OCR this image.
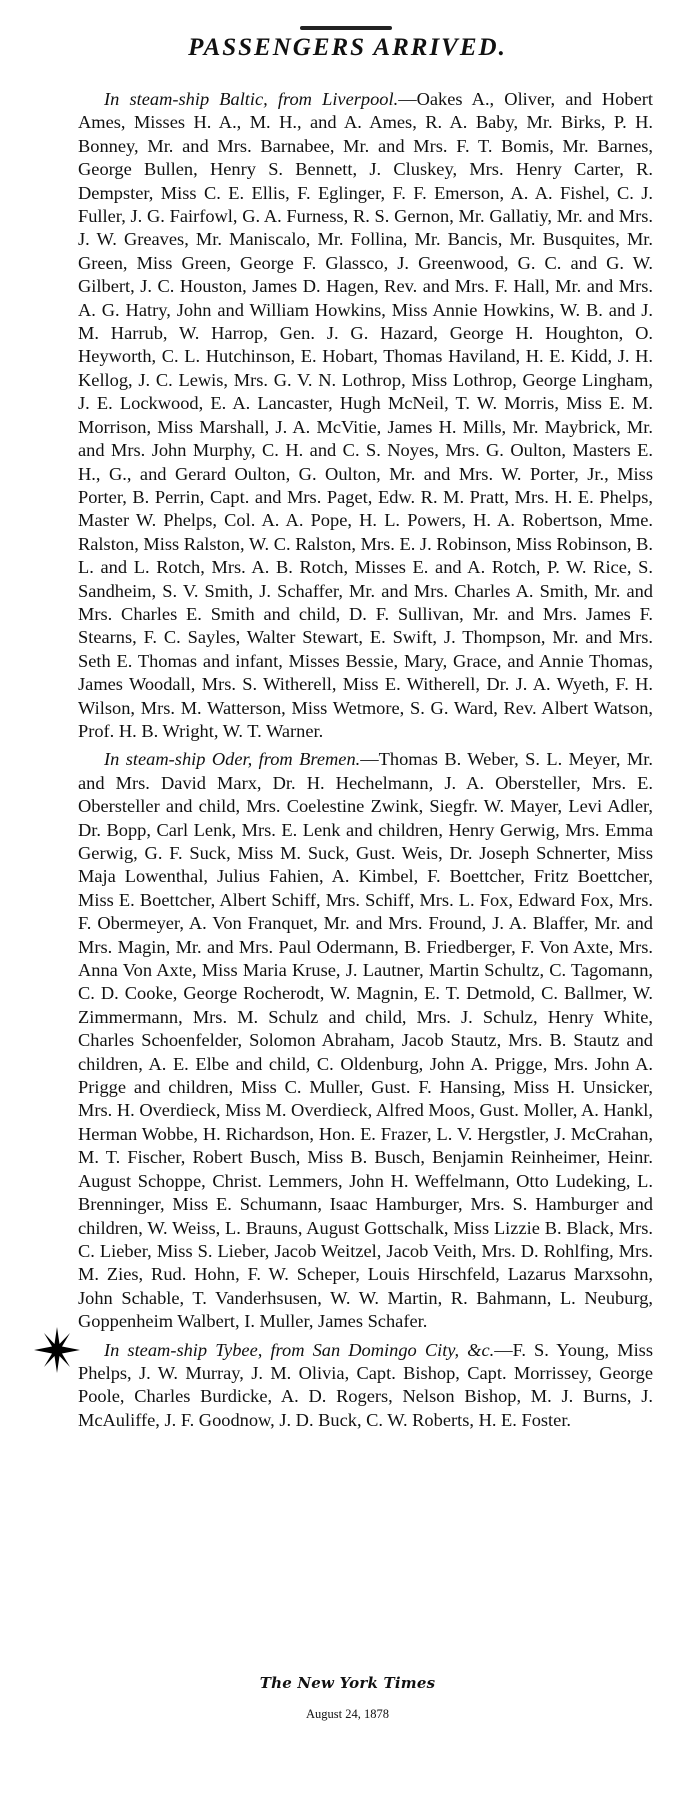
PASSENGERS ARRIVED.

In steam-ship Baltic, from Liverpool.—Oakes A., Oliver, and Hobert Ames, Misses H. A., M. H., and A. Ames, R. A. Baby, Mr. Birks, P. H. Bonney, Mr. and Mrs. Barnabee, Mr. and Mrs. F. T. Bomis, Mr. Barnes, George Bullen, Henry S. Bennett, J. Cluskey, Mrs. Henry Carter, R. Dempster, Miss C. E. Ellis, F. Eglinger, F. F. Emerson, A. A. Fishel, C. J. Fuller, J. G. Fairfowl, G. A. Furness, R. S. Gernon, Mr. Gallatiy, Mr. and Mrs. J. W. Greaves, Mr. Maniscalo, Mr. Follina, Mr. Bancis, Mr. Busquites, Mr. Green, Miss Green, George F. Glassco, J. Greenwood, G. C. and G. W. Gilbert, J. C. Houston, James D. Hagen, Rev. and Mrs. F. Hall, Mr. and Mrs. A. G. Hatry, John and William Howkins, Miss Annie Howkins, W. B. and J. M. Harrub, W. Harrop, Gen. J. G. Hazard, George H. Houghton, O. Heyworth, C. L. Hutchinson, E. Hobart, Thomas Haviland, H. E. Kidd, J. H. Kellog, J. C. Lewis, Mrs. G. V. N. Lothrop, Miss Lothrop, George Lingham, J. E. Lockwood, E. A. Lancaster, Hugh McNeil, T. W. Morris, Miss E. M. Morrison, Miss Marshall, J. A. McVitie, James H. Mills, Mr. Maybrick, Mr. and Mrs. John Murphy, C. H. and C. S. Noyes, Mrs. G. Oulton, Masters E. H., G., and Gerard Oulton, G. Oulton, Mr. and Mrs. W. Porter, Jr., Miss Porter, B. Perrin, Capt. and Mrs. Paget, Edw. R. M. Pratt, Mrs. H. E. Phelps, Master W. Phelps, Col. A. A. Pope, H. L. Powers, H. A. Robertson, Mme. Ralston, Miss Ralston, W. C. Ralston, Mrs. E. J. Robinson, Miss Robinson, B. L. and L. Rotch, Mrs. A. B. Rotch, Misses E. and A. Rotch, P. W. Rice, S. Sandheim, S. V. Smith, J. Schaffer, Mr. and Mrs. Charles A. Smith, Mr. and Mrs. Charles E. Smith and child, D. F. Sullivan, Mr. and Mrs. James F. Stearns, F. C. Sayles, Walter Stewart, E. Swift, J. Thompson, Mr. and Mrs. Seth E. Thomas and infant, Misses Bessie, Mary, Grace, and Annie Thomas, James Woodall, Mrs. S. Witherell, Miss E. Witherell, Dr. J. A. Wyeth, F. H. Wilson, Mrs. M. Watterson, Miss Wetmore, S. G. Ward, Rev. Albert Watson, Prof. H. B. Wright, W. T. Warner.

In steam-ship Oder, from Bremen.—Thomas B. Weber, S. L. Meyer, Mr. and Mrs. David Marx, Dr. H. Hechelmann, J. A. Obersteller, Mrs. E. Obersteller and child, Mrs. Coelestine Zwink, Siegfr. W. Mayer, Levi Adler, Dr. Bopp, Carl Lenk, Mrs. E. Lenk and children, Henry Gerwig, Mrs. Emma Gerwig, G. F. Suck, Miss M. Suck, Gust. Weis, Dr. Joseph Schnerter, Miss Maja Lowenthal, Julius Fahien, A. Kimbel, F. Boettcher, Fritz Boettcher, Miss E. Boettcher, Albert Schiff, Mrs. Schiff, Mrs. L. Fox, Edward Fox, Mrs. F. Obermeyer, A. Von Franquet, Mr. and Mrs. Fround, J. A. Blaffer, Mr. and Mrs. Magin, Mr. and Mrs. Paul Odermann, B. Friedberger, F. Von Axte, Mrs. Anna Von Axte, Miss Maria Kruse, J. Lautner, Martin Schultz, C. Tagomann, C. D. Cooke, George Rocherodt, W. Magnin, E. T. Detmold, C. Ballmer, W. Zimmermann, Mrs. M. Schulz and child, Mrs. J. Schulz, Henry White, Charles Schoenfelder, Solomon Abraham, Jacob Stautz, Mrs. B. Stautz and children, A. E. Elbe and child, C. Oldenburg, John A. Prigge, Mrs. John A. Prigge and children, Miss C. Muller, Gust. F. Hansing, Miss H. Unsicker, Mrs. H. Overdieck, Miss M. Overdieck, Alfred Moos, Gust. Moller, A. Hankl, Herman Wobbe, H. Richardson, Hon. E. Frazer, L. V. Hergstler, J. McCrahan, M. T. Fischer, Robert Busch, Miss B. Busch, Benjamin Reinheimer, Heinr. August Schoppe, Christ. Lemmers, John H. Weffelmann, Otto Ludeking, L. Brenninger, Miss E. Schumann, Isaac Hamburger, Mrs. S. Hamburger and children, W. Weiss, L. Brauns, August Gottschalk, Miss Lizzie B. Black, Mrs. C. Lieber, Miss S. Lieber, Jacob Weitzel, Jacob Veith, Mrs. D. Rohlfing, Mrs. M. Zies, Rud. Hohn, F. W. Scheper, Louis Hirschfeld, Lazarus Marxsohn, John Schable, T. Vanderhsusen, W. W. Martin, R. Bahmann, L. Neuburg, Goppenheim Walbert, I. Muller, James Schafer.

In steam-ship Tybee, from San Domingo City, &c.—F. S. Young, Miss Phelps, J. W. Murray, J. M. Olivia, Capt. Bishop, Capt. Morrissey, George Poole, Charles Burdicke, A. D. Rogers, Nelson Bishop, M. J. Burns, J. McAuliffe, J. F. Goodnow, J. D. Buck, C. W. Roberts, H. E. Foster.

The New York Times
August 24, 1878
